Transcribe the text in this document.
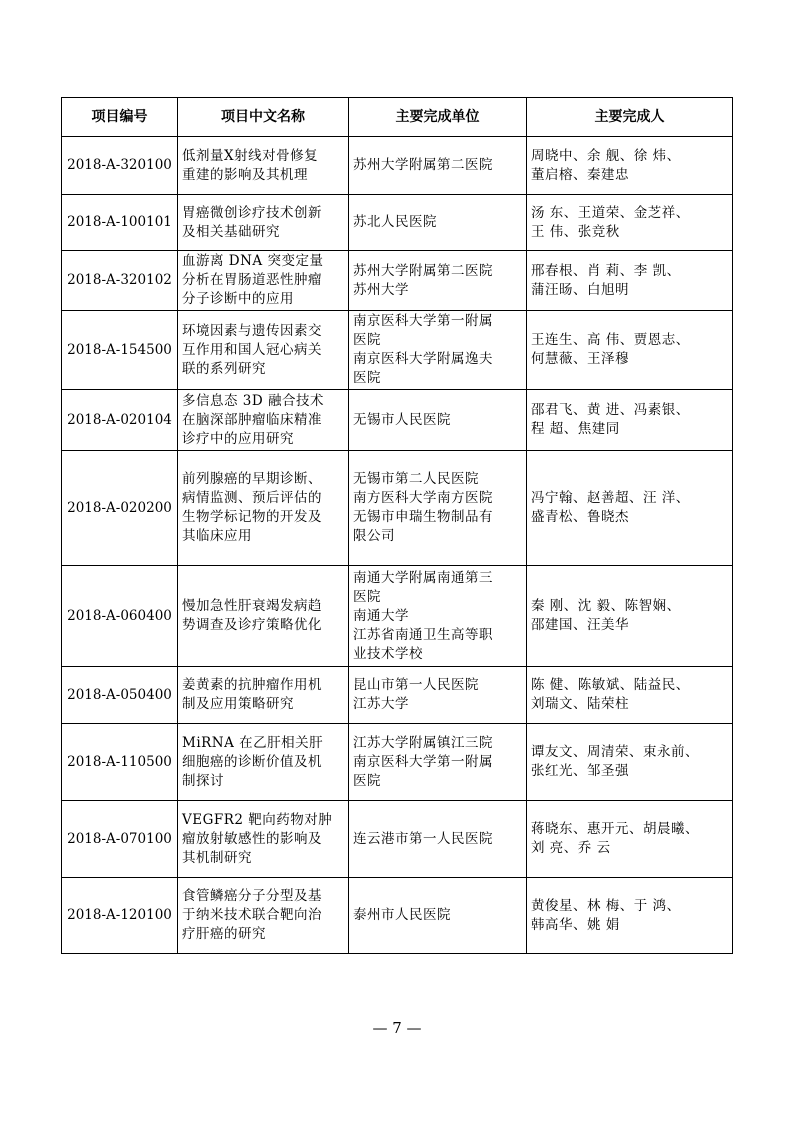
项目编号	项目中文名称	主要完成单位	主要完成人
2018-A-320100	低剂量X射线对骨修复
重建的影响及其机理	苏州大学附属第二医院	周晓中、余 舰、徐 炜、
董启榕、秦建忠

2018-A-100101	胃癌微创诊疗技术创新
及相关基础研究	苏北人民医院	汤 东、王道荣、金芝祥、
王 伟、张竞秋

2018-A-320102	血游离 DNA 突变定量
分析在胃肠道恶性肿瘤
分子诊断中的应用	苏州大学附属第二医院
苏州大学	邢春根、肖 莉、李 凯、
蒲汪旸、白旭明

2018-A-154500	环境因素与遗传因素交
互作用和国人冠心病关
联的系列研究	南京医科大学第一附属
医院
南京医科大学附属逸夫
医院	王连生、高 伟、贾恩志、
何慧薇、王泽穆

2018-A-020104	多信息态 3D 融合技术
在脑深部肿瘤临床精准
诊疗中的应用研究	无锡市人民医院	邵君飞、黄 进、冯素银、
程 超、焦建同

2018-A-020200	前列腺癌的早期诊断、
病情监测、预后评估的
生物学标记物的开发及
其临床应用	无锡市第二人民医院
南方医科大学南方医院
无锡市申瑞生物制品有
限公司	冯宁翰、赵善超、汪 洋、
盛青松、鲁晓杰

2018-A-060400	慢加急性肝衰竭发病趋
势调查及诊疗策略优化	南通大学附属南通第三
医院
南通大学
江苏省南通卫生高等职
业技术学校	秦 刚、沈 毅、陈智娴、
邵建国、汪美华

2018-A-050400	姜黄素的抗肿瘤作用机
制及应用策略研究	昆山市第一人民医院
江苏大学	陈 健、陈敏斌、陆益民、
刘瑞文、陆荣柱

2018-A-110500	MiRNA 在乙肝相关肝
细胞癌的诊断价值及机
制探讨	江苏大学附属镇江三院
南京医科大学第一附属
医院	谭友文、周清荣、束永前、
张红光、邹圣强

2018-A-070100	VEGFR2 靶向药物对肿
瘤放射敏感性的影响及
其机制研究	连云港市第一人民医院	蒋晓东、惠开元、胡晨曦、
刘 亮、乔 云

2018-A-120100	食管鳞癌分子分型及基
于纳米技术联合靶向治
疗肝癌的研究	泰州市人民医院	黄俊星、林 梅、于 鸿、
韩高华、姚 娟
— 7 —
